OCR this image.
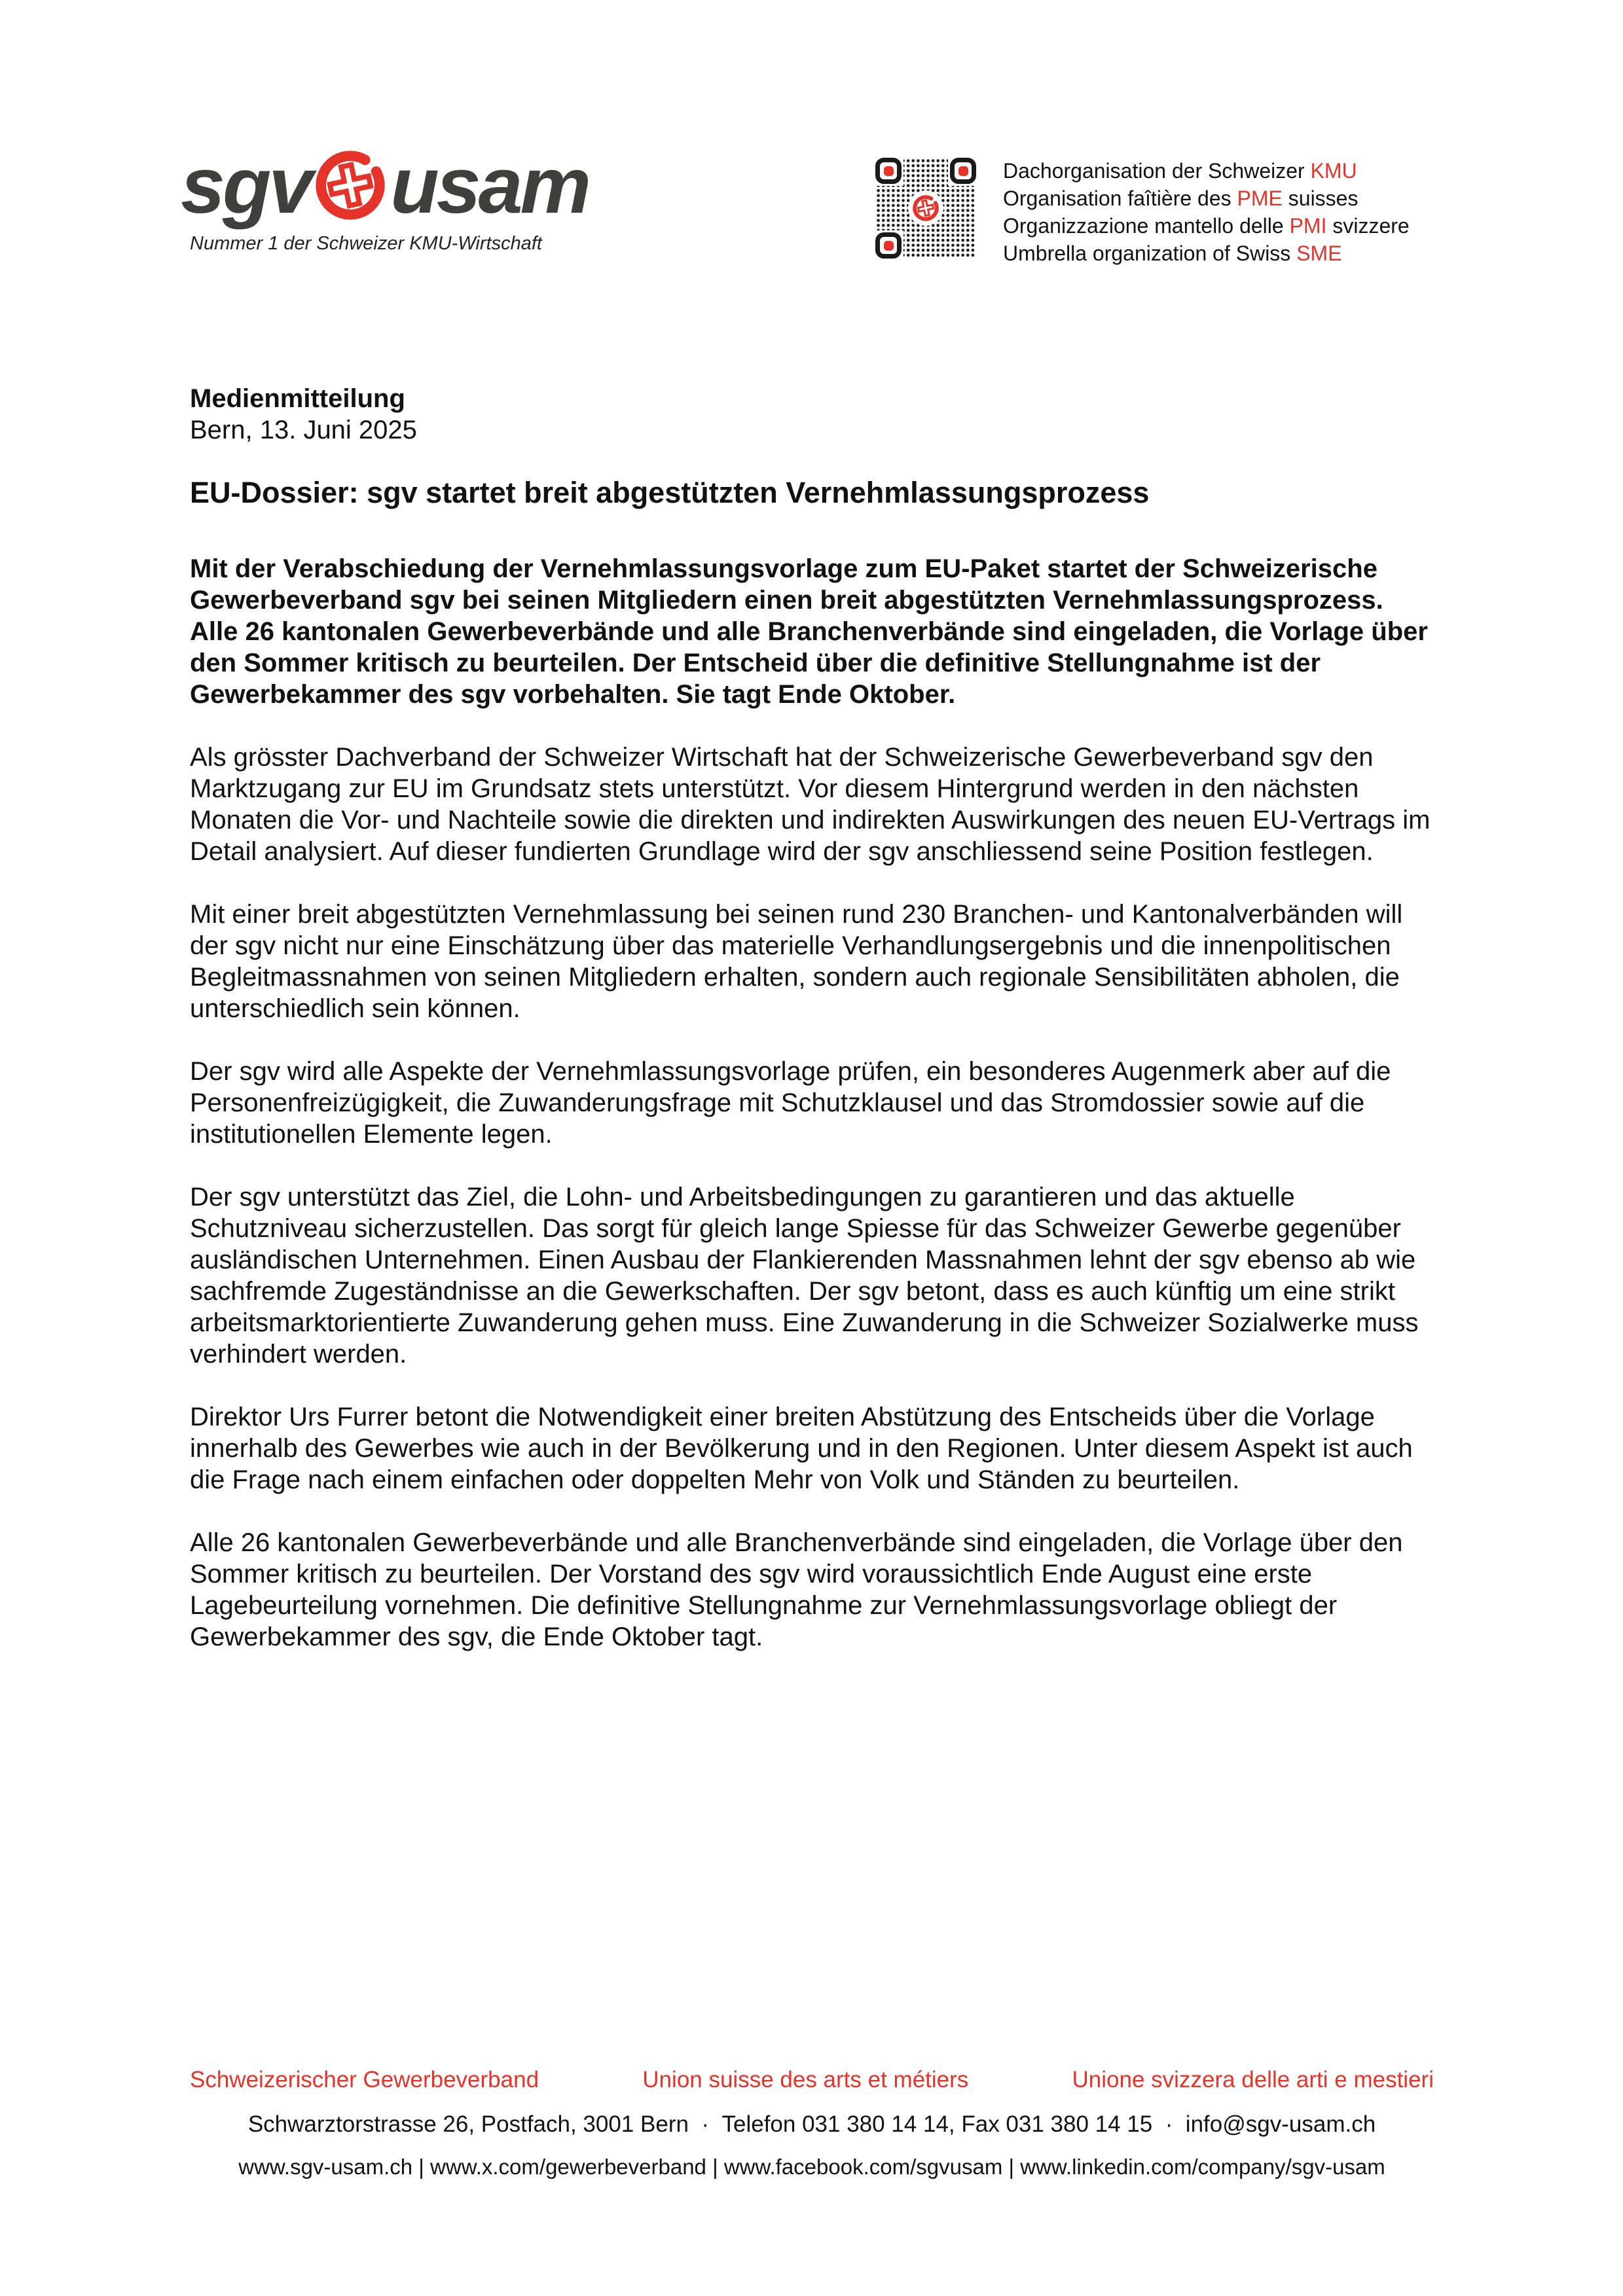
sgv usam
Nummer 1 der Schweizer KMU-Wirtschaft
Dachorganisation der Schweizer KMU
Organisation faîtière des PME suisses
Organizzazione mantello delle PMI svizzere
Umbrella organization of Swiss SME
Medienmitteilung
Bern, 13. Juni 2025
EU-Dossier: sgv startet breit abgestützten Vernehmlassungsprozess

Mit der Verabschiedung der Vernehmlassungsvorlage zum EU-Paket startet der Schweizerische Gewerbeverband sgv bei seinen Mitgliedern einen breit abgestützten Vernehmlassungsprozess. Alle 26 kantonalen Gewerbeverbände und alle Branchenverbände sind eingeladen, die Vorlage über den Sommer kritisch zu beurteilen. Der Entscheid über die definitive Stellungnahme ist der Gewerbekammer des sgv vorbehalten. Sie tagt Ende Oktober.

Als grösster Dachverband der Schweizer Wirtschaft hat der Schweizerische Gewerbeverband sgv den Marktzugang zur EU im Grundsatz stets unterstützt. Vor diesem Hintergrund werden in den nächsten Monaten die Vor- und Nachteile sowie die direkten und indirekten Auswirkungen des neuen EU-Vertrags im Detail analysiert. Auf dieser fundierten Grundlage wird der sgv anschliessend seine Position festlegen.

Mit einer breit abgestützten Vernehmlassung bei seinen rund 230 Branchen- und Kantonalverbänden will der sgv nicht nur eine Einschätzung über das materielle Verhandlungsergebnis und die innenpolitischen Begleitmassnahmen von seinen Mitgliedern erhalten, sondern auch regionale Sensibilitäten abholen, die unterschiedlich sein können.

Der sgv wird alle Aspekte der Vernehmlassungsvorlage prüfen, ein besonderes Augenmerk aber auf die Personenfreizügigkeit, die Zuwanderungsfrage mit Schutzklausel und das Stromdossier sowie auf die institutionellen Elemente legen.

Der sgv unterstützt das Ziel, die Lohn- und Arbeitsbedingungen zu garantieren und das aktuelle Schutzniveau sicherzustellen. Das sorgt für gleich lange Spiesse für das Schweizer Gewerbe gegenüber ausländischen Unternehmen. Einen Ausbau der Flankierenden Massnahmen lehnt der sgv ebenso ab wie sachfremde Zugeständnisse an die Gewerkschaften. Der sgv betont, dass es auch künftig um eine strikt arbeitsmarktorientierte Zuwanderung gehen muss. Eine Zuwanderung in die Schweizer Sozialwerke muss verhindert werden.

Direktor Urs Furrer betont die Notwendigkeit einer breiten Abstützung des Entscheids über die Vorlage innerhalb des Gewerbes wie auch in der Bevölkerung und in den Regionen. Unter diesem Aspekt ist auch die Frage nach einem einfachen oder doppelten Mehr von Volk und Ständen zu beurteilen.

Alle 26 kantonalen Gewerbeverbände und alle Branchenverbände sind eingeladen, die Vorlage über den Sommer kritisch zu beurteilen. Der Vorstand des sgv wird voraussichtlich Ende August eine erste Lagebeurteilung vornehmen. Die definitive Stellungnahme zur Vernehmlassungsvorlage obliegt der Gewerbekammer des sgv, die Ende Oktober tagt.

Schweizerischer Gewerbeverband	Union suisse des arts et métiers	Unione svizzera delle arti e mestieri
Schwarztorstrasse 26, Postfach, 3001 Bern  ·  Telefon 031 380 14 14, Fax 031 380 14 15  ·  info@sgv-usam.ch
www.sgv-usam.ch | www.x.com/gewerbeverband | www.facebook.com/sgvusam | www.linkedin.com/company/sgv-usam
